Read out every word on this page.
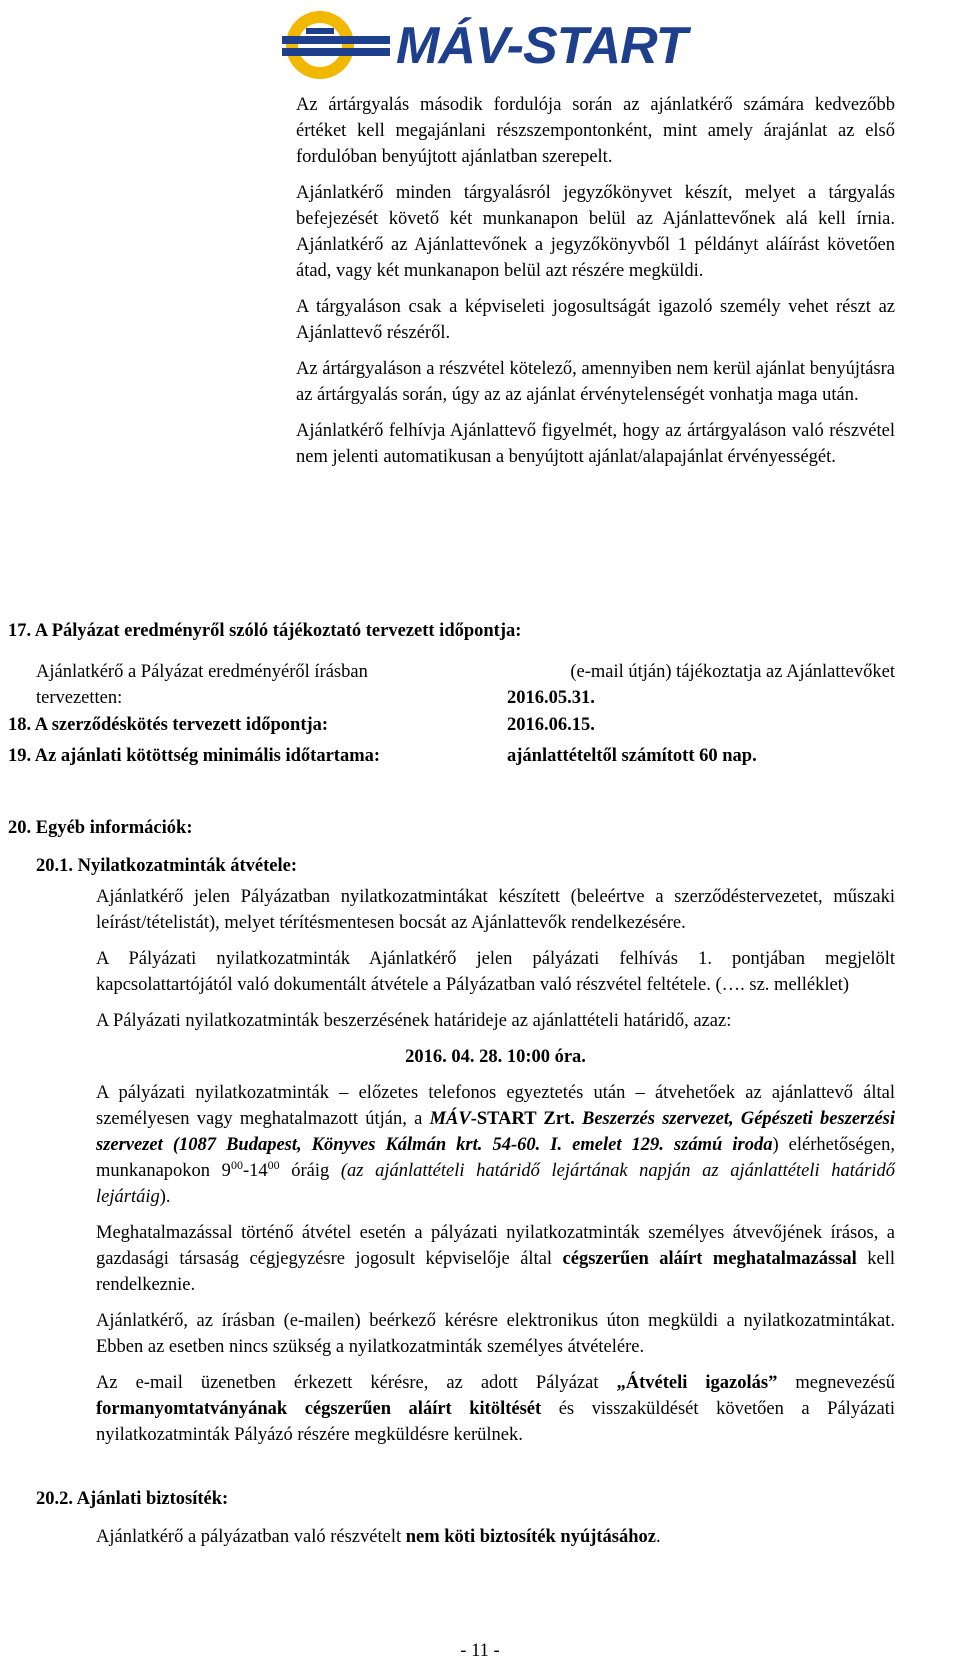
MÁV-START

Az ártárgyalás második fordulója során az ajánlatkérő számára kedvezőbb értéket kell megajánlani részszempontonként, mint amely árajánlat az első fordulóban benyújtott ajánlatban szerepelt.

Ajánlatkérő minden tárgyalásról jegyzőkönyvet készít, melyet a tárgyalás befejezését követő két munkanapon belül az Ajánlattevőnek alá kell írnia. Ajánlatkérő az Ajánlattevőnek a jegyzőkönyvből 1 példányt aláírást követően átad, vagy két munkanapon belül azt részére megküldi.

A tárgyaláson csak a képviseleti jogosultságát igazoló személy vehet részt az Ajánlattevő részéről.

Az ártárgyaláson a részvétel kötelező, amennyiben nem kerül ajánlat benyújtásra az ártárgyalás során, úgy az az ajánlat érvénytelenségét vonhatja maga után.

Ajánlatkérő felhívja Ajánlattevő figyelmét, hogy az ártárgyaláson való részvétel nem jelenti automatikusan a benyújtott ajánlat/alapajánlat érvényességét.

17. A Pályázat eredményről szóló tájékoztató tervezett időpontja:
Ajánlatkérő a Pályázat eredményéről írásban	(e-mail útján) tájékoztatja az Ajánlattevőket
tervezetten:	2016.05.31.
18. A szerződéskötés tervezett időpontja:	2016.06.15.
19. Az ajánlati kötöttség minimális időtartama:	ajánlattételtől számított 60 nap.
20. Egyéb információk:
20.1. Nyilatkozatminták átvétele:

Ajánlatkérő jelen Pályázatban nyilatkozatmintákat készített (beleértve a szerződéstervezetet, műszaki leírást/tételistát), melyet térítésmentesen bocsát az Ajánlattevők rendelkezésére.

A Pályázati nyilatkozatminták Ajánlatkérő jelen pályázati felhívás 1. pontjában megjelölt kapcsolattartójától való dokumentált átvétele a Pályázatban való részvétel feltétele. (…. sz. melléklet)

A Pályázati nyilatkozatminták beszerzésének határideje az ajánlattételi határidő, azaz:

2016. 04. 28. 10:00 óra.

A pályázati nyilatkozatminták – előzetes telefonos egyeztetés után – átvehetőek az ajánlattevő által személyesen vagy meghatalmazott útján, a MÁV-START Zrt. Beszerzés szervezet, Gépészeti beszerzési szervezet (1087 Budapest, Könyves Kálmán krt. 54-60. I. emelet 129. számú iroda) elérhetőségen, munkanapokon $9^{00}-14^{00}$ óráig (az ajánlattételi határidő lejártának napján az ajánlattételi határidő lejártáig).

Meghatalmazással történő átvétel esetén a pályázati nyilatkozatminták személyes átvevőjének írásos, a gazdasági társaság cégjegyzésre jogosult képviselője által cégszerűen aláírt meghatalmazással kell rendelkeznie.

Ajánlatkérő, az írásban (e-mailen) beérkező kérésre elektronikus úton megküldi a nyilatkozatmintákat. Ebben az esetben nincs szükség a nyilatkozatminták személyes átvételére.

Az e-mail üzenetben érkezett kérésre, az adott Pályázat „Átvételi igazolás” megnevezésű formanyomtatványának cégszerűen aláírt kitöltését és visszaküldését követően a Pályázati nyilatkozatminták Pályázó részére megküldésre kerülnek.

20.2. Ajánlati biztosíték:
Ajánlatkérő a pályázatban való részvételt nem köti biztosíték nyújtásához.
- 11 -
